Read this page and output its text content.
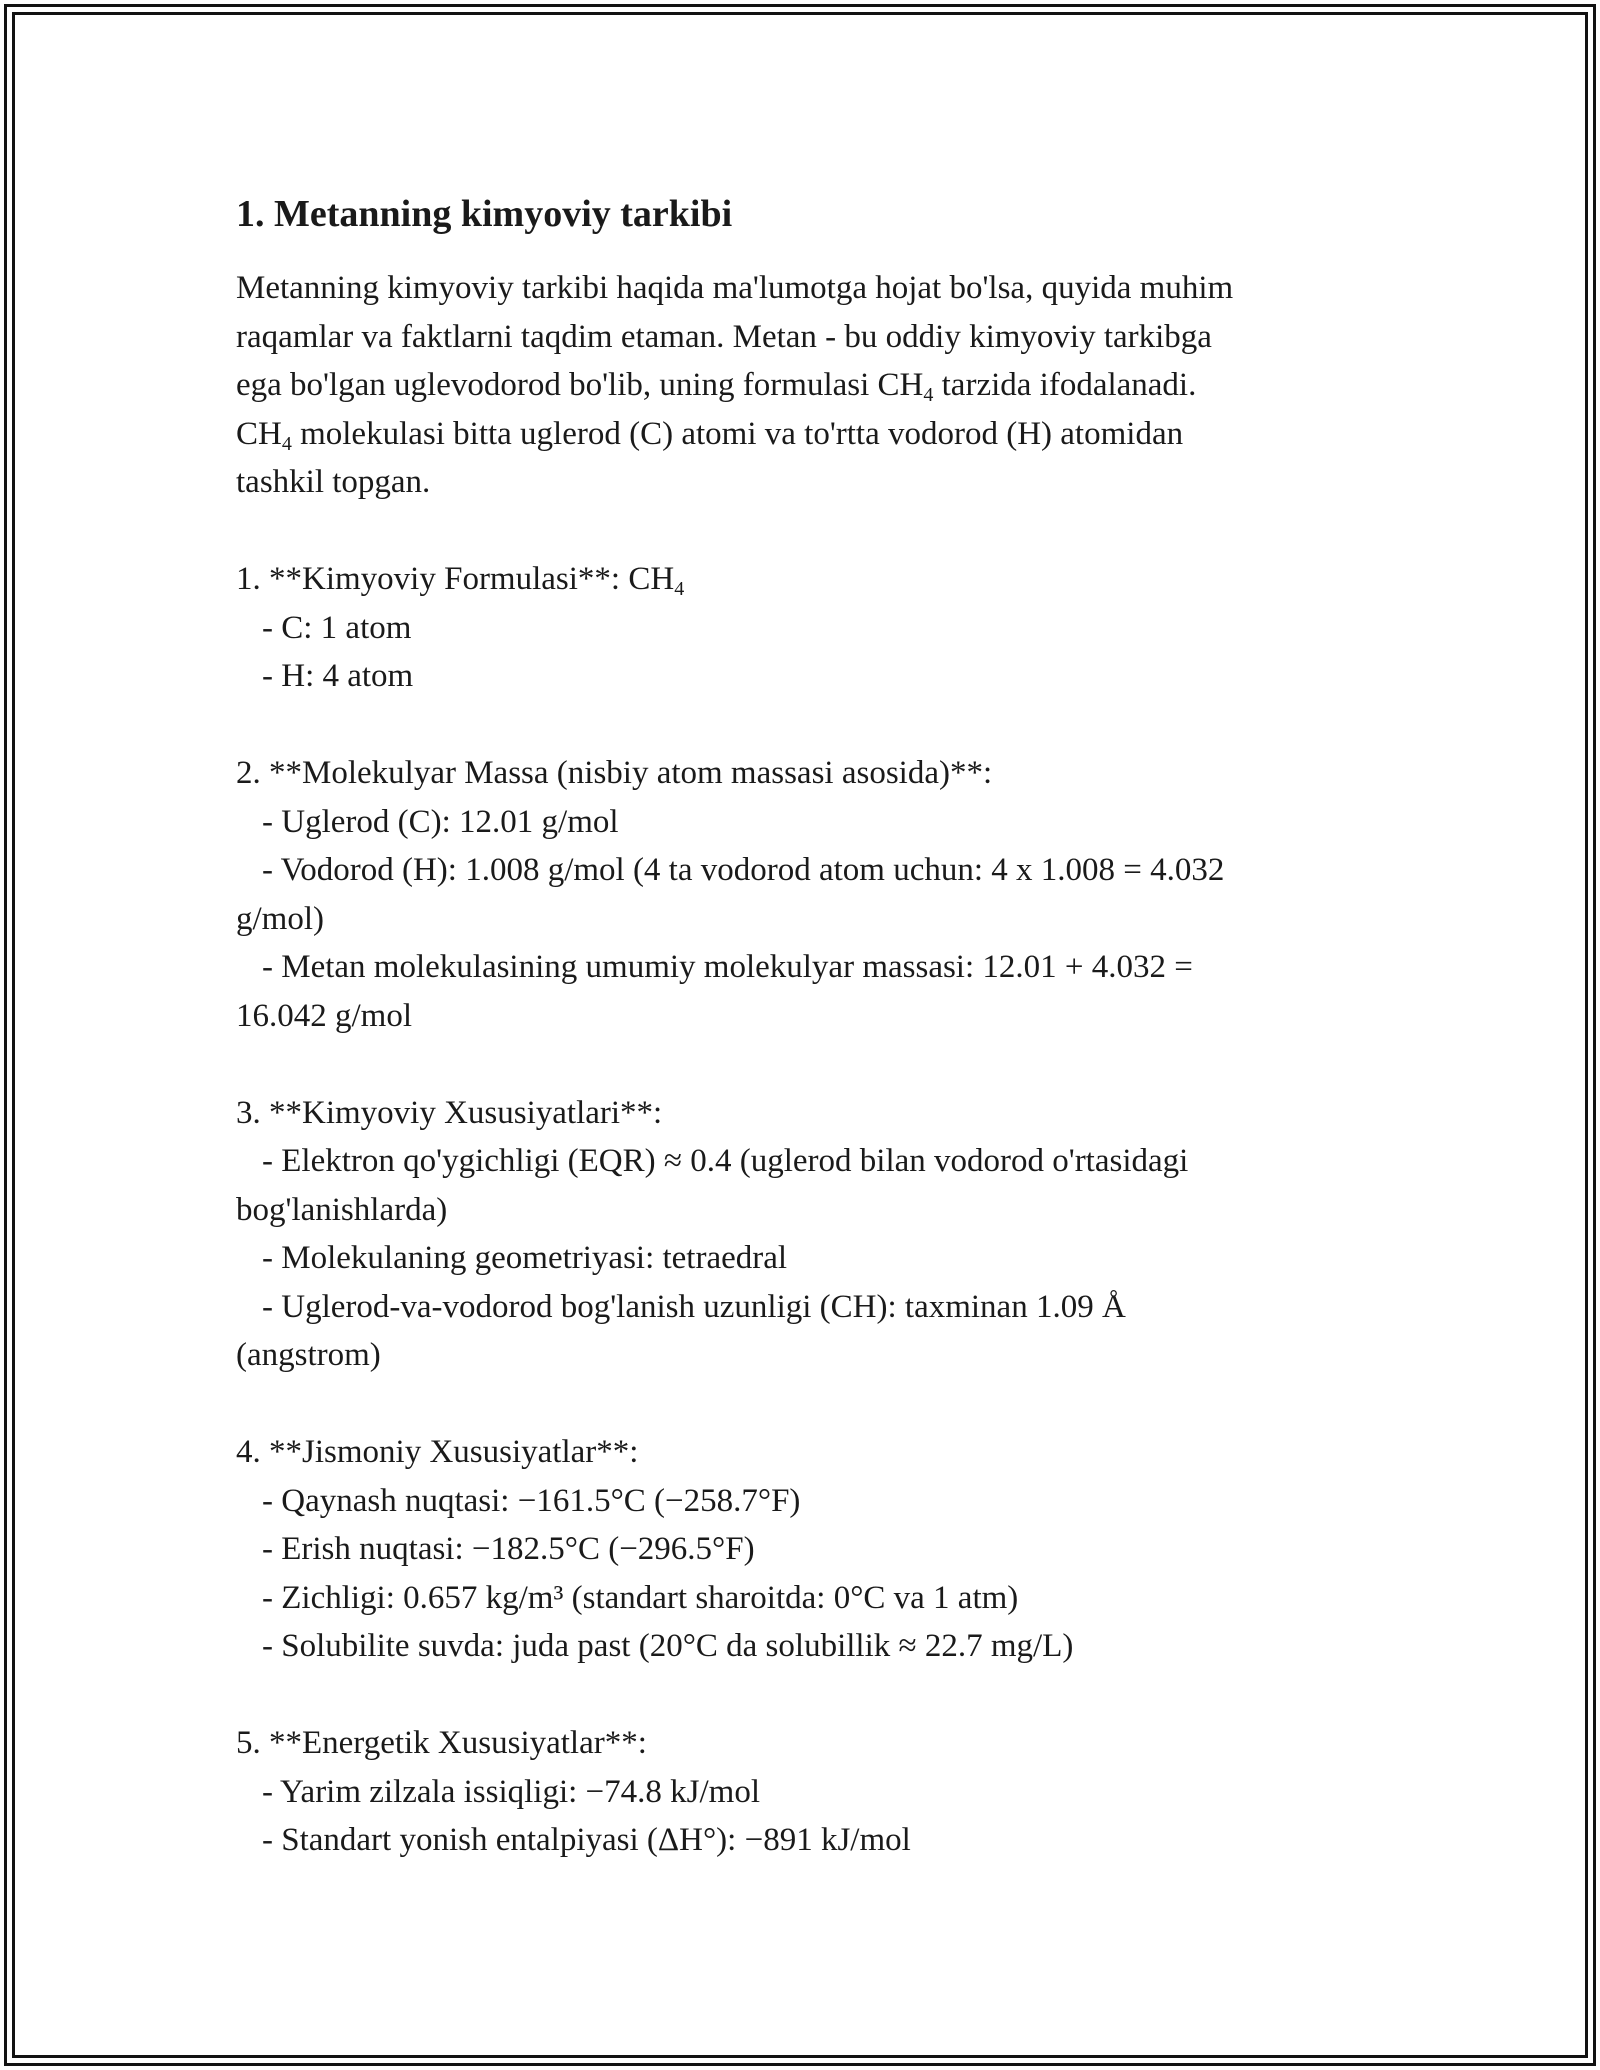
1. Metanning kimyoviy tarkibi
Metanning kimyoviy tarkibi haqida ma'lumotga hojat bo'lsa, quyida muhim
raqamlar va faktlarni taqdim etaman. Metan - bu oddiy kimyoviy tarkibga
ega bo'lgan uglevodorod bo'lib, uning formulasi $CH_4$ tarzida ifodalanadi.
$CH_4$ molekulasi bitta uglerod (C) atomi va to'rtta vodorod (H) atomidan
tashkil topgan.
1. **Kimyoviy Formulasi**: $CH_4$
- C: 1 atom
- H: 4 atom
2. **Molekulyar Massa (nisbiy atom massasi asosida)**:
- Uglerod (C): 12.01 g/mol
- Vodorod (H): 1.008 g/mol (4 ta vodorod atom uchun: 4 x 1.008 = 4.032
g/mol)
- Metan molekulasining umumiy molekulyar massasi: 12.01 + 4.032 =
16.042 g/mol
3. **Kimyoviy Xususiyatlari**:
- Elektron qo'ygichligi (EQR) ≈ 0.4 (uglerod bilan vodorod o'rtasidagi
bog'lanishlarda)
- Molekulaning geometriyasi: tetraedral
- Uglerod-va-vodorod bog'lanish uzunligi (CH): taxminan 1.09 Å
(angstrom)
4. **Jismoniy Xususiyatlar**:
- Qaynash nuqtasi: −161.5°C (−258.7°F)
- Erish nuqtasi: −182.5°C (−296.5°F)
- Zichligi: 0.657 kg/m³ (standart sharoitda: 0°C va 1 atm)
- Solubilite suvda: juda past (20°C da solubillik ≈ 22.7 mg/L)
5. **Energetik Xususiyatlar**:
- Yarim zilzala issiqligi: −74.8 kJ/mol
- Standart yonish entalpiyasi (ΔH°): −891 kJ/mol
